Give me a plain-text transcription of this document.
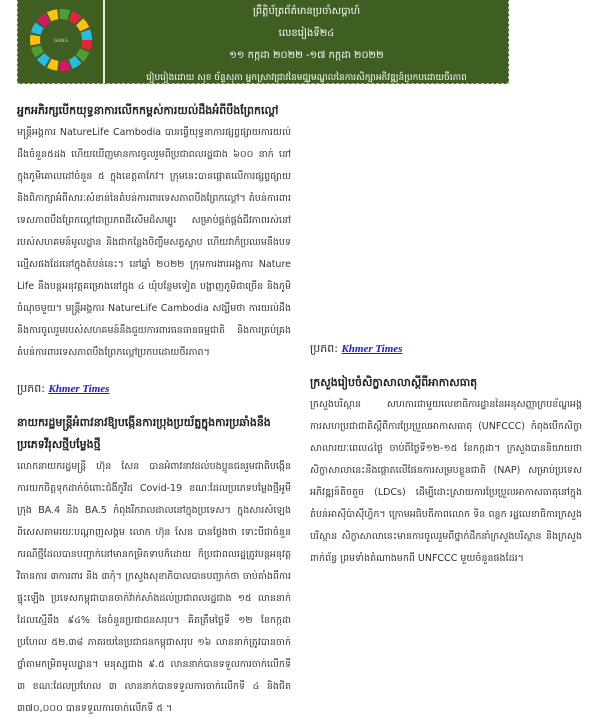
GOALS
ព្រឹត្តិប័ត្រព័ត៌មានប្រចាំសប្តាហ៍
លេខរៀងទី២៤
១១ កក្កដា ២០២២ -១៧ កក្កដា ២០២២
រៀបរៀងដោយ សុខ ច័ន្ទសុភា អ្នកស្រាវជ្រាវនៃមជ្ឈមណ្ឌលនៃការសិក្សាអភិវឌ្ឍន៍ប្រកបដោយចីរភាព
អ្នកអភិរក្សបើកយុទ្ធនាការលើកកម្ពស់ការយល់ដឹងអំពីបឹងព្រែកល្ពៅ

មន្ត្រីអង្គការ NatureLife Cambodia បានធ្វើយុទ្ធនាការផ្សព្វផ្សាយការយល់ដឹងចំនួន៥ដង ហើយឃើញមានការចូលរួមពីប្រជាពលរដ្ឋជាង ៦០០ នាក់ នៅក្នុងភូមិគោលដៅចំនួន ៥ ក្នុងខេត្តតាកែវ។ ក្រុមនេះបានផ្តោតលើការផ្សព្វផ្សាយ និងពិភាក្សាអំពីសារៈសំខាន់នៃតំបន់ការពារទេសភាពបឹងព្រែកល្ពៅ។ តំបន់ការពារទេសភាពបឹងព្រែកល្ពៅជាប្រភពដីសើមដ៏សម្បូរ សម្រាប់ផ្គត់ផ្គង់ជីវភាពរស់នៅរបស់សហគមន៍មូលដ្ឋាន និងជាកន្លែងចិញ្ចឹមសត្វស្លាប ហើយវាក៏ប្រឈមនឹងបទល្មើសផងដែរនៅក្នុងតំបន់នេះ។ នៅឆ្នាំ ២០២២ ក្រុមការងារអង្គការ Nature Life នឹងបន្តអនុវត្តគម្រោងនៅក្នុង ៤ ឃុំបន្ថែមទៀត បង្ហាញភូមិជាច្រើន និងភូមិចំណុចមួយ។ មន្ត្រីអង្គការ NatureLife Cambodia សង្ឃឹមថា ការយល់ដឹងនិងការចូលរួមរបស់សហគមន៍នឹងជួយការពារធនធានធម្មជាតិ និងការគ្រប់គ្រងតំបន់ការពារទេសភាពបឹងព្រែកល្ពៅប្រកបដោយចីរភាព។

ប្រភព: Khmer Times
នាយករដ្ឋមន្ត្រីអំពាវនាវឱ្យបង្កើនការប្រុងប្រយ័ត្នក្នុងការប្រឆាំងនឹងប្រភេទវីរុសថ្មីបម្លែងថ្មី

លោកនាយករដ្ឋមន្ត្រី ហ៊ុន សែន បានអំពាវនាវដល់បងប្អូនជនរួមជាតិបង្កើនការយកចិត្តទុកដាក់ចំពោះជំងឺកូវីដ Covid-19 ខណៈដែលប្រភេទបម្លែងថ្មីអូមីក្រុង BA.4 និង BA.5 កំពុងរីករាលដាលនៅក្នុងប្រទេស។ ក្នុងសារសំឡេងពិសេសតាមរយៈបណ្តាញសង្គម លោក ហ៊ុន សែន បានថ្លែងថា ទោះបីជាចំនួនករណីថ្មីដែលបានបញ្ជាក់នៅមានកម្រិតទាបក៏ដោយ ក៏ប្រជាពលរដ្ឋត្រូវបន្តអនុវត្តវិធានការ ៣ការពារ និង ៣កុំ។ ក្រសួងសុខាភិបាលបានបញ្ជាក់ថា ចាប់តាំងពីការផ្ទុះឡើង ប្រទេសកម្ពុជាបានចាក់វ៉ាក់សាំងដល់ប្រជាពលរដ្ឋជាង ១៥ លាននាក់ ដែលស្មើនឹង ៩៤% នៃចំនួនប្រជាជនសរុប។ គិតត្រឹមថ្ងៃទី ១២ ខែកក្កដា ប្រហែល ៥២.៣៨ ភាគរយនៃប្រជាជនកម្ពុជាសរុប ១៦ លាននាក់ត្រូវបានចាក់ថ្នាំតាមកម្រិតមូលដ្ឋាន។ មនុស្សជាង ៩.៥ លាននាក់បានទទួលការចាក់លើកទី ៣ ខណៈដែលប្រហែល ៣ លាននាក់បានទទួលការចាក់លើកទី ៤ និងជិត ៣៧០,០០០ បានទទួលការចាក់លើកទី ៥ ។

ប្រភព: Khmer Times
ក្រសួងរៀបចំសិក្ខាសាលាស្តីពីអាកាសធាតុ

ក្រសួងបរិស្ថាន សហការជាមួយលេខាធិការដ្ឋាននៃអនុសញ្ញាក្របខ័ណ្ឌអង្គការសហប្រជាជាតិស្តីពីការប្រែប្រួលអាកាសធាតុ (UNFCCC) កំពុងបើកសិក្ខាសាលារយៈពេល៤ថ្ងៃ ចាប់ពីថ្ងៃទី១២-១៥ ខែកក្កដា។ ក្រសួងបាននិយាយថា សិក្ខាសាលានេះនឹងផ្តោតលើផែនការសម្របខ្លួនជាតិ (NAP) សម្រាប់ប្រទេសអភិវឌ្ឍន៍តិចតួច (LDCs) ដើម្បីដោះស្រាយការប្រែប្រួលអាកាសធាតុនៅក្នុងតំបន់អាស៊ីប៉ាស៊ីហ្វិក។ ក្រោមអធិបតីភាពលោក ទិន ពន្លក រដ្ឋលេខាធិការក្រសួងបរិស្ថាន សិក្ខាសាលានេះមានការចូលរួមពីថ្នាក់ដឹកនាំក្រសួងបរិស្ថាន និងក្រសួងពាក់ព័ន្ធ ព្រមទាំងតំណាងមកពី UNFCCC មួយចំនួនផងដែរ។
